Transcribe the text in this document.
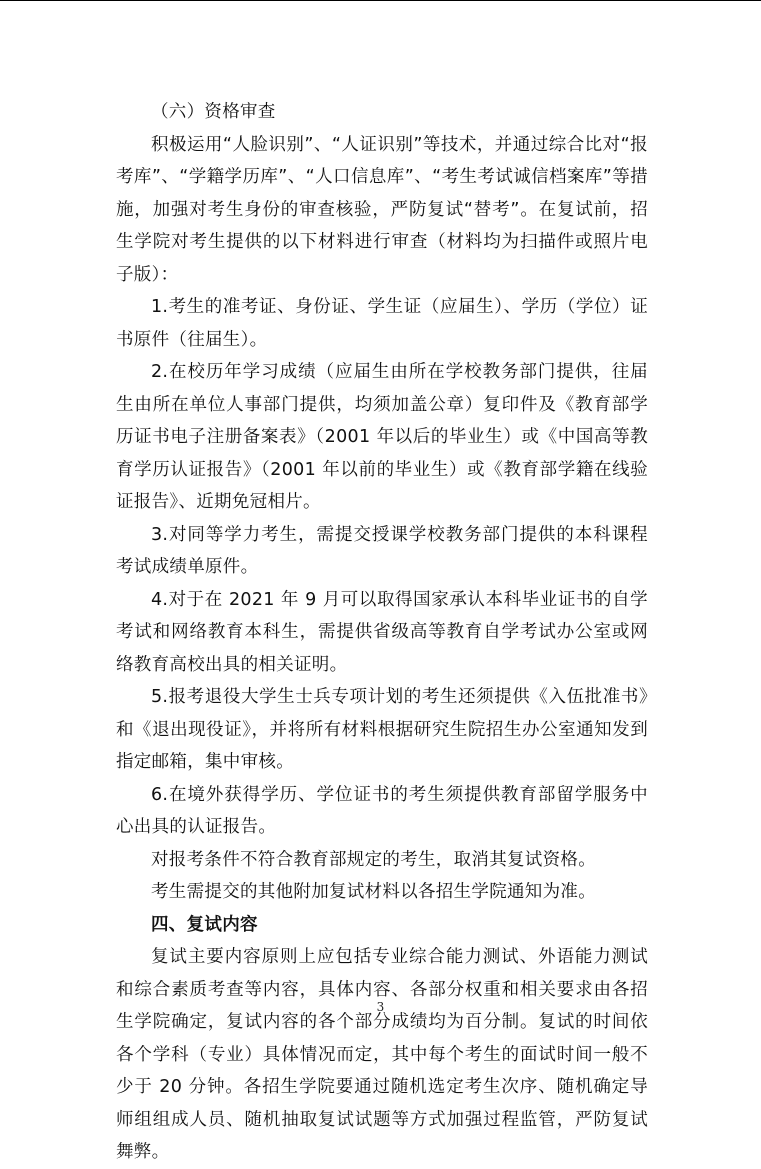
（六）资格审查

积极运用“人脸识别”、“人证识别”等技术，并通过综合比对“报考库”、“学籍学历库”、“人口信息库”、“考生考试诚信档案库”等措施，加强对考生身份的审查核验，严防复试“替考”。在复试前，招生学院对考生提供的以下材料进行审查（材料均为扫描件或照片电子版）：

1.考生的准考证、身份证、学生证（应届生）、学历（学位）证书原件（往届生）。

2.在校历年学习成绩（应届生由所在学校教务部门提供，往届生由所在单位人事部门提供，均须加盖公章）复印件及《教育部学历证书电子注册备案表》（2001 年以后的毕业生）或《中国高等教育学历认证报告》（2001 年以前的毕业生）或《教育部学籍在线验证报告》、近期免冠相片。

3.对同等学力考生，需提交授课学校教务部门提供的本科课程考试成绩单原件。

4.对于在 2021 年 9 月可以取得国家承认本科毕业证书的自学考试和网络教育本科生，需提供省级高等教育自学考试办公室或网络教育高校出具的相关证明。

5.报考退役大学生士兵专项计划的考生还须提供《入伍批准书》和《退出现役证》，并将所有材料根据研究生院招生办公室通知发到指定邮箱，集中审核。

6.在境外获得学历、学位证书的考生须提供教育部留学服务中心出具的认证报告。

对报考条件不符合教育部规定的考生，取消其复试资格。

考生需提交的其他附加复试材料以各招生学院通知为准。

四、复试内容

复试主要内容原则上应包括专业综合能力测试、外语能力测试和综合素质考查等内容，具体内容、各部分权重和相关要求由各招生学院确定，复试内容的各个部分成绩均为百分制。复试的时间依各个学科（专业）具体情况而定，其中每个考生的面试时间一般不少于 20 分钟。各招生学院要通过随机选定考生次序、随机确定导师组组成人员、随机抽取复试试题等方式加强过程监管，严防复试舞弊。

3
